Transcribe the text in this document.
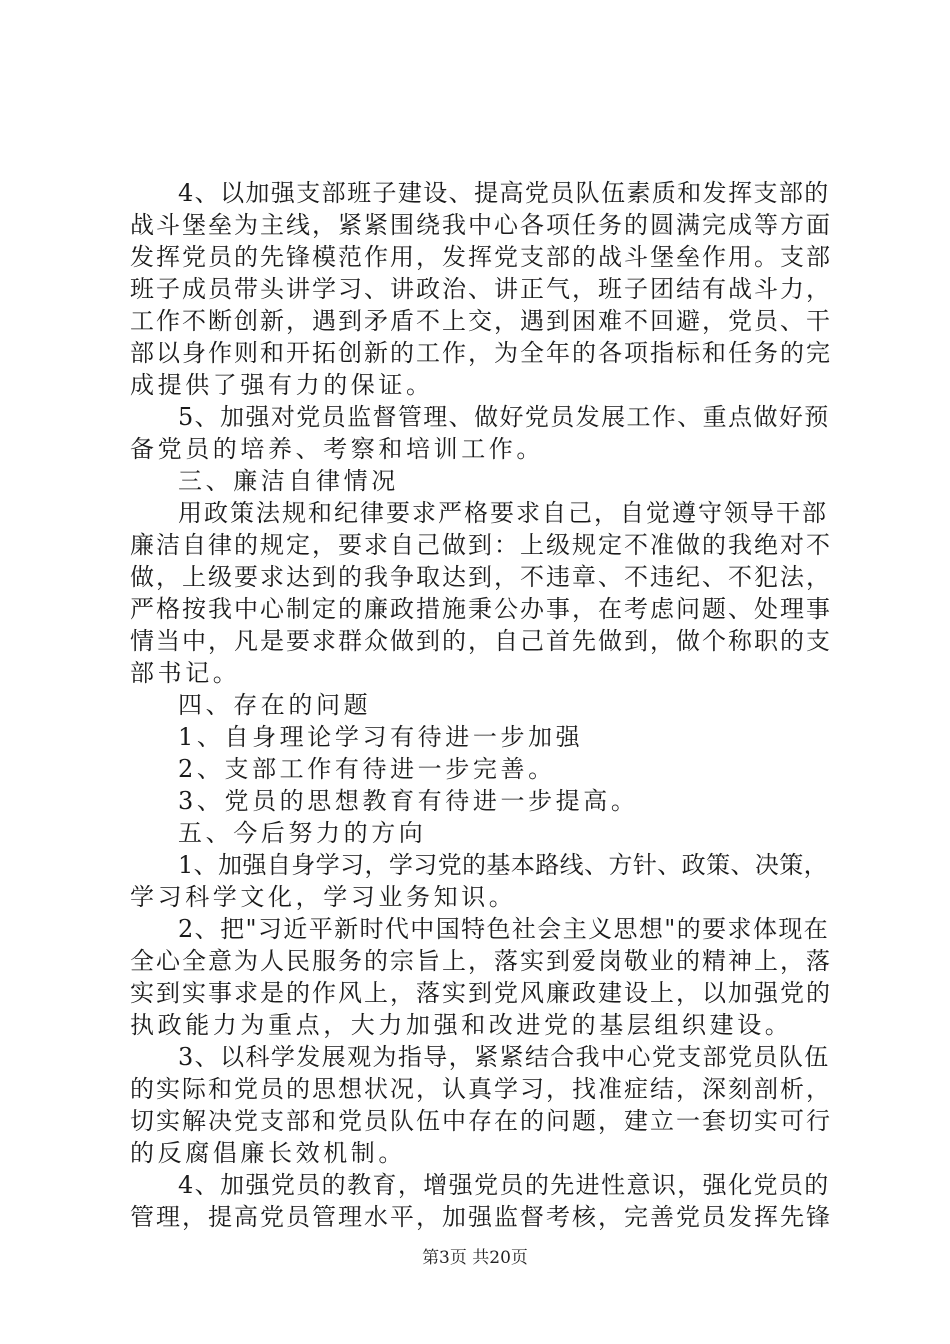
4、以加强支部班子建设、提高党员队伍素质和发挥支部的
战斗堡垒为主线，紧紧围绕我中心各项任务的圆满完成等方面
发挥党员的先锋模范作用，发挥党支部的战斗堡垒作用。支部
班子成员带头讲学习、讲政治、讲正气，班子团结有战斗力，
工作不断创新，遇到矛盾不上交，遇到困难不回避，党员、干
部以身作则和开拓创新的工作，为全年的各项指标和任务的完
成提供了强有力的保证。
5、加强对党员监督管理、做好党员发展工作、重点做好预
备党员的培养、考察和培训工作。
三、廉洁自律情况
用政策法规和纪律要求严格要求自己，自觉遵守领导干部
廉洁自律的规定，要求自己做到：上级规定不准做的我绝对不
做，上级要求达到的我争取达到，不违章、不违纪、不犯法，
严格按我中心制定的廉政措施秉公办事，在考虑问题、处理事
情当中，凡是要求群众做到的，自己首先做到，做个称职的支
部书记。
四、存在的问题
1、自身理论学习有待进一步加强
2、支部工作有待进一步完善。
3、党员的思想教育有待进一步提高。
五、今后努力的方向
1、加强自身学习，学习党的基本路线、方针、政策、决策，
学习科学文化，学习业务知识。
2、把"习近平新时代中国特色社会主义思想"的要求体现在
全心全意为人民服务的宗旨上，落实到爱岗敬业的精神上，落
实到实事求是的作风上，落实到党风廉政建设上，以加强党的
执政能力为重点，大力加强和改进党的基层组织建设。
3、以科学发展观为指导，紧紧结合我中心党支部党员队伍
的实际和党员的思想状况，认真学习，找准症结，深刻剖析，
切实解决党支部和党员队伍中存在的问题，建立一套切实可行
的反腐倡廉长效机制。
4、加强党员的教育，增强党员的先进性意识，强化党员的
管理，提高党员管理水平，加强监督考核，完善党员发挥先锋
第3页 共20页
